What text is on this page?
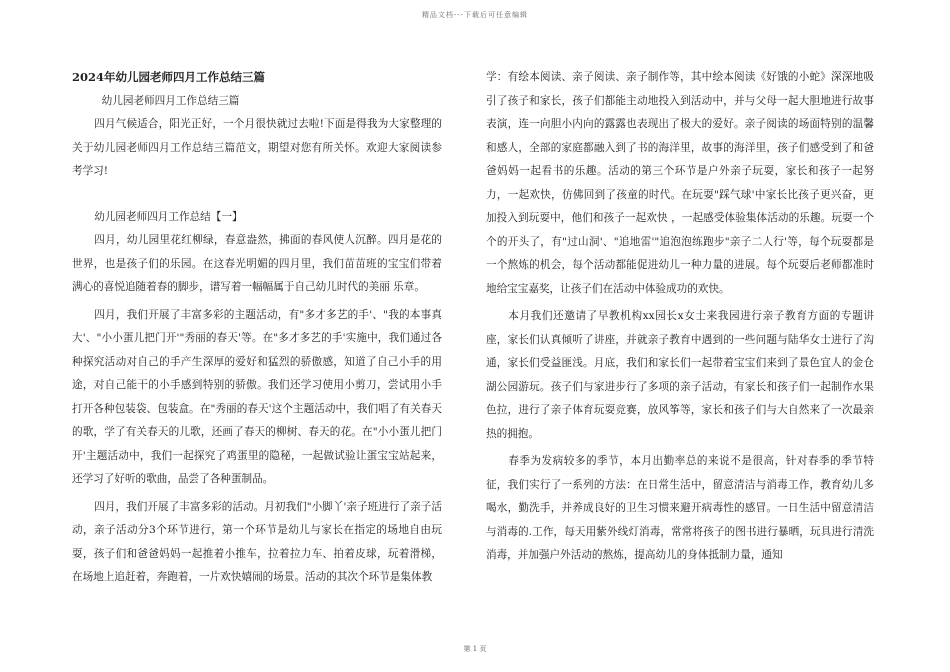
精品文档---下载后可任意编辑

2024年幼儿园老师四月工作总结三篇

幼儿园老师四月工作总结三篇

四月气候适合，阳光正好，一个月很快就过去啦!下面是得我为大家整理的关于幼儿园老师四月工作总结三篇范文，期望对您有所关怀。欢迎大家阅读参考学习!

幼儿园老师四月工作总结【一】

四月，幼儿园里花红柳绿，春意盎然，拂面的春风使人沉醉。四月是花的世界，也是孩子们的乐园。在这春光明媚的四月里，我们苗苗班的宝宝们带着满心的喜悦追随着春的脚步，谱写着一幅幅属于自己幼儿时代的美丽 乐章。

四月，我们开展了丰富多彩的主题活动，有"多才多艺的手'、"我的本事真大'、"小小蛋儿把门开'"秀丽的春天'等。在"多才多艺的手'实施中，我们通过各种探究活动对自己的手产生深厚的爱好和猛烈的骄傲感，知道了自己小手的用途，对自己能干的小手感到特别的骄傲。我们还学习使用小剪刀，尝试用小手打开各种包装袋、包装盒。在"秀丽的春天'这个主题活动中，我们唱了有关春天的歌，学了有关春天的儿歌，还画了春天的柳树、春天的花。在"小小蛋儿把门开'主题活动中，我们一起探究了鸡蛋里的隐秘，一起做试验让蛋宝宝站起来，还学习了好听的歌曲，品尝了各种蛋制品。

四月，我们开展了丰富多彩的活动。月初我们"小脚丫'亲子班进行了亲子活动，亲子活动分3个环节进行，第一个环节是幼儿与家长在指定的场地自由玩耍，孩子们和爸爸妈妈一起推着小推车，拉着拉力车、拍着皮球，玩着滑梯，在场地上追赶着，奔跑着，一片欢快嬉闹的场景。活动的其次个环节是集体教

学：有绘本阅读、亲子阅读、亲子制作等，其中绘本阅读《好饿的小蛇》深深地吸引了孩子和家长，孩子们都能主动地投入到活动中，并与父母一起大胆地进行故事表演，连一向胆小内向的露露也表现出了极大的爱好。亲子阅读的场面特别的温馨和感人，全部的家庭都融入到了书的海洋里，故事的海洋里，孩子们感受到了和爸爸妈妈一起看书的乐趣。活动的第三个环节是户外亲子玩耍，家长和孩子一起努力，一起欢快，仿佛回到了孩童的时代。在玩耍"踩气球'中家长比孩子更兴奋，更加投入到玩耍中，他们和孩子一起欢快 ，一起感受体验集体活动的乐趣。玩耍一个个的开头了，有"过山洞'、"追地雷'"追泡泡练跑步"亲子二人行'等，每个玩耍都是一个熬炼的机会，每个活动都能促进幼儿一种力量的进展。每个玩耍后老师都准时地给宝宝嘉奖，让孩子们在活动中体验成功的欢快。

本月我们还邀请了早教机构xx园长x女士来我园进行亲子教育方面的专题讲座，家长们认真倾听了讲座，并就亲子教育中遇到的一些问题与陆华女士进行了沟通，家长们受益匪浅。月底，我们和家长们一起带着宝宝们来到了景色宜人的金仓湖公园游玩。孩子们与家进步行了多项的亲子活动，有家长和孩子们一起制作水果色拉，进行了亲子体育玩耍竞赛，放风筝等，家长和孩子们与大自然来了一次最亲热的拥抱。

春季为发病较多的季节，本月出勤率总的来说不是很高，针对春季的季节特征，我们实行了一系列的方法：在日常生活中，留意清洁与消毒工作，教育幼儿多喝水，勤洗手，并养成良好的卫生习惯来避开病毒性的感冒。一日生活中留意清洁与消毒的.工作，每天用紫外线灯消毒，常常将孩子的图书进行暴晒，玩具进行清洗消毒，并加强户外活动的熬炼，提高幼儿的身体抵制力量，通知

第 1 页
